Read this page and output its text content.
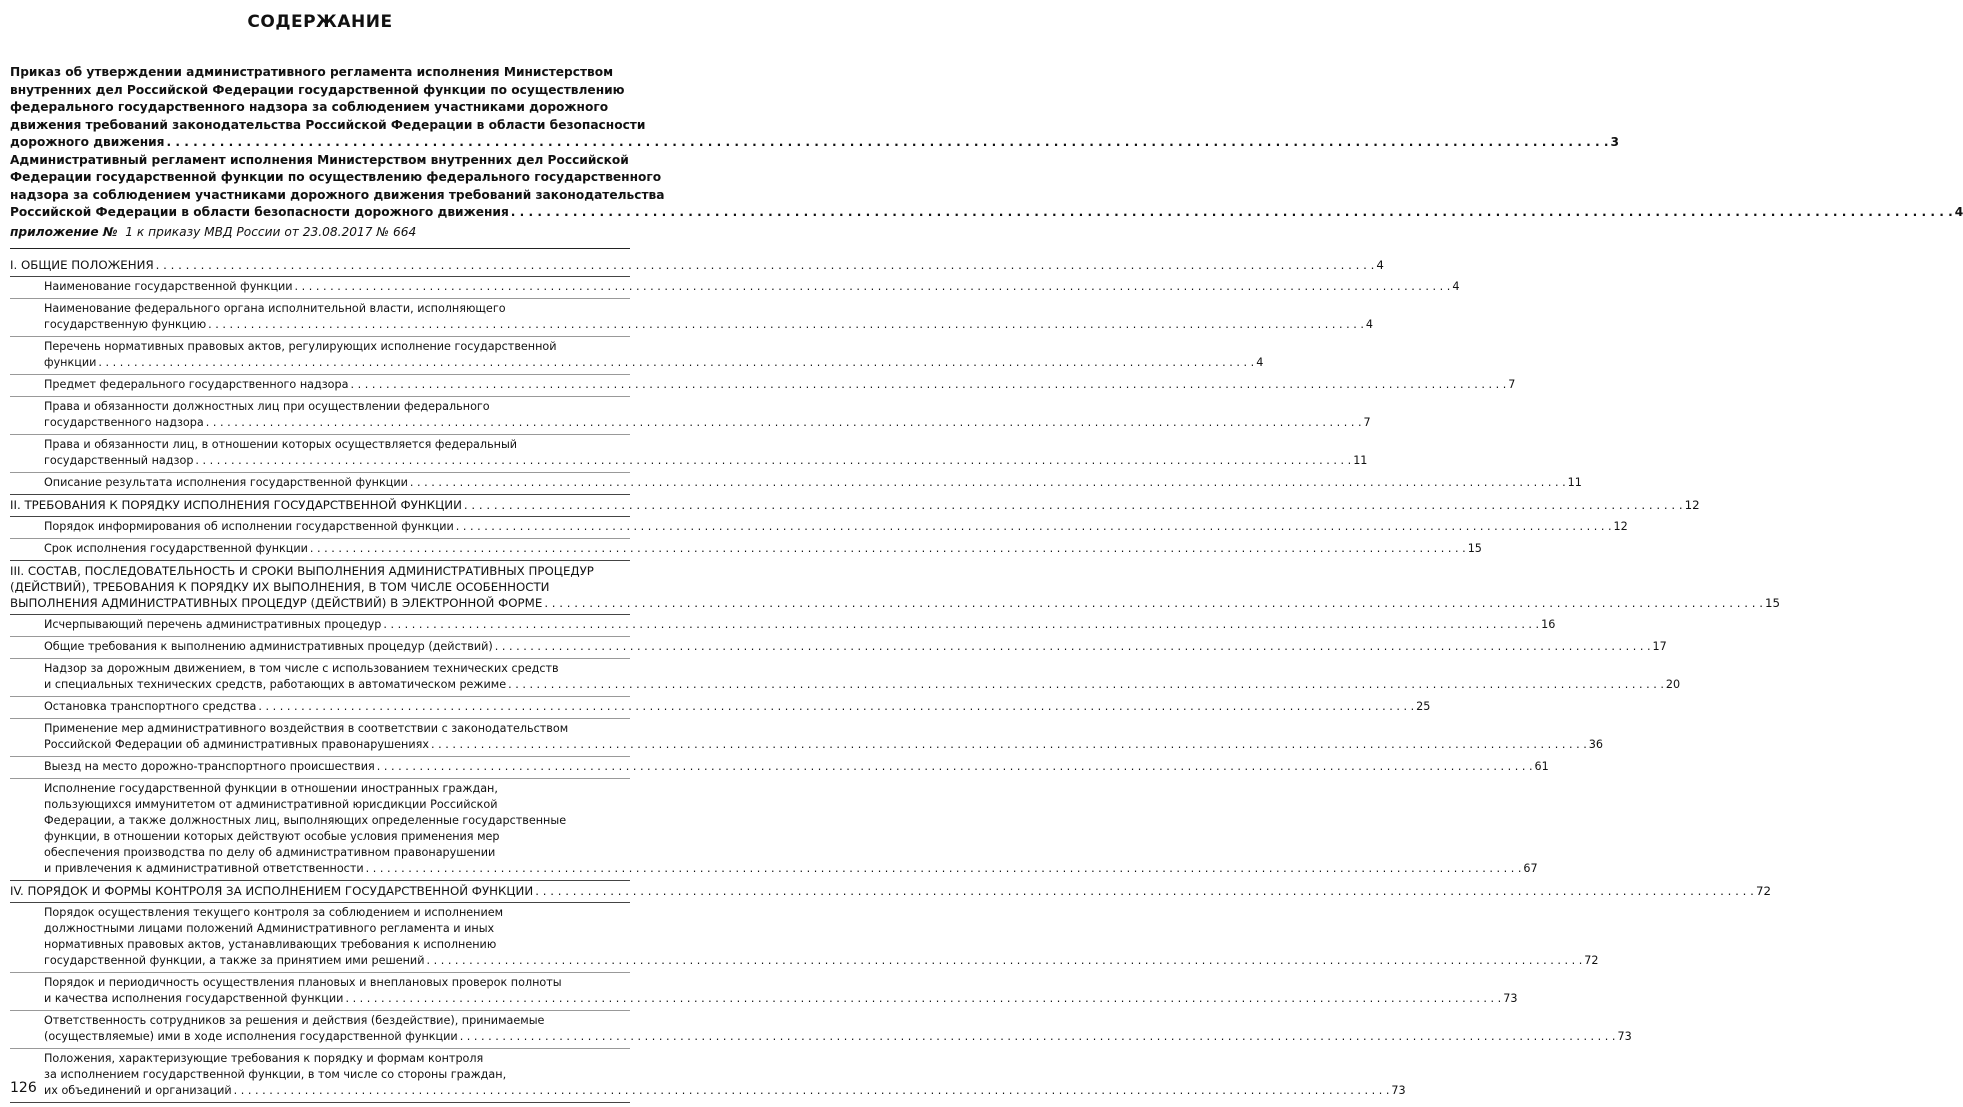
СОДЕРЖАНИЕ
Приказ об утверждении административного регламента исполнения Министерством
внутренних дел Российской Федерации государственной функции по осуществлению
федерального государственного надзора за соблюдением участниками дорожного
движения требований законодательства Российской Федерации в области безопасности
дорожного движения . . .	3
Административный регламент исполнения Министерством внутренних дел Российской
Федерации государственной функции по осуществлению федерального государственного
надзора за соблюдением участниками дорожного движения требований законодательства
Российской Федерации в области безопасности дорожного движения . . .	4
приложение № 1 к приказу МВД России от 23.08.2017 № 664
I. ОБЩИЕ ПОЛОЖЕНИЯ . . .	4
Наименование государственной функции . . .	4
Наименование федерального органа исполнительной власти, исполняющего
государственную функцию . . .	4
Перечень нормативных правовых актов, регулирующих исполнение государственной
функции . . .	4
Предмет федерального государственного надзора . . .	7
Права и обязанности должностных лиц при осуществлении федерального
государственного надзора . . .	7
Права и обязанности лиц, в отношении которых осуществляется федеральный
государственный надзор . . .	11
Описание результата исполнения государственной функции . . .	11
II. ТРЕБОВАНИЯ К ПОРЯДКУ ИСПОЛНЕНИЯ ГОСУДАРСТВЕННОЙ ФУНКЦИИ . . .	12
Порядок информирования об исполнении государственной функции . . .	12
Срок исполнения государственной функции . . .	15
III. СОСТАВ, ПОСЛЕДОВАТЕЛЬНОСТЬ И СРОКИ ВЫПОЛНЕНИЯ АДМИНИСТРАТИВНЫХ ПРОЦЕДУР
(ДЕЙСТВИЙ), ТРЕБОВАНИЯ К ПОРЯДКУ ИХ ВЫПОЛНЕНИЯ, В ТОМ ЧИСЛЕ ОСОБЕННОСТИ
ВЫПОЛНЕНИЯ АДМИНИСТРАТИВНЫХ ПРОЦЕДУР (ДЕЙСТВИЙ) В ЭЛЕКТРОННОЙ ФОРМЕ . . .	15
Исчерпывающий перечень административных процедур . . .	16
Общие требования к выполнению административных процедур (действий) . . .	17
Надзор за дорожным движением, в том числе с использованием технических средств
и специальных технических средств, работающих в автоматическом режиме . . .	20
Остановка транспортного средства . . .	25
Применение мер административного воздействия в соответствии с законодательством
Российской Федерации об административных правонарушениях . . .	36
Выезд на место дорожно-транспортного происшествия . . .	61
Исполнение государственной функции в отношении иностранных граждан,
пользующихся иммунитетом от административной юрисдикции Российской
Федерации, а также должностных лиц, выполняющих определенные государственные
функции, в отношении которых действуют особые условия применения мер
обеспечения производства по делу об административном правонарушении
и привлечения к административной ответственности . . .	67
IV. ПОРЯДОК И ФОРМЫ КОНТРОЛЯ ЗА ИСПОЛНЕНИЕМ ГОСУДАРСТВЕННОЙ ФУНКЦИИ . . .	72
Порядок осуществления текущего контроля за соблюдением и исполнением
должностными лицами положений Административного регламента и иных
нормативных правовых актов, устанавливающих требования к исполнению
государственной функции, а также за принятием ими решений . . .	72
Порядок и периодичность осуществления плановых и внеплановых проверок полноты
и качества исполнения государственной функции . . .	73
Ответственность сотрудников за решения и действия (бездействие), принимаемые
(осуществляемые) ими в ходе исполнения государственной функции . . .	73
Положения, характеризующие требования к порядку и формам контроля
за исполнением государственной функции, в том числе со стороны граждан,
их объединений и организаций . . .	73
126
